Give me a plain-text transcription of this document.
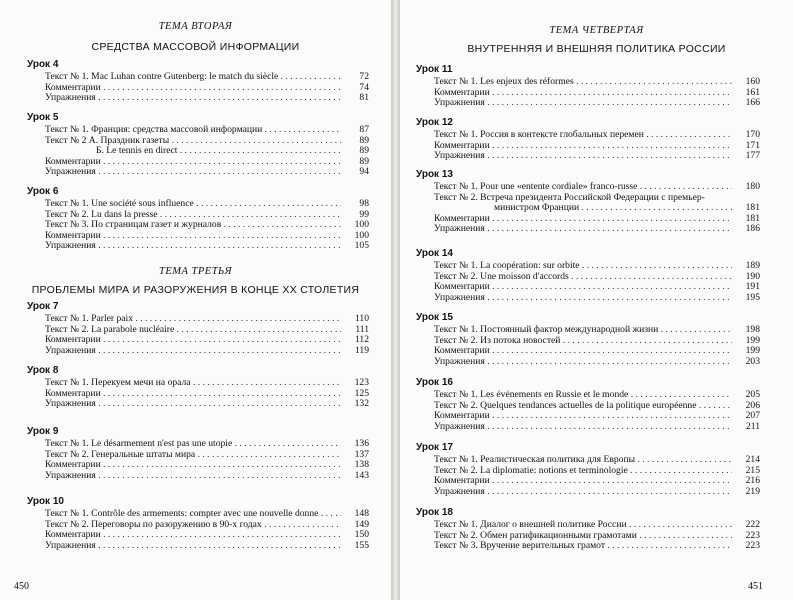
ТЕМА ВТОРАЯ
СРЕДСТВА МАССОВОЙ ИНФОРМАЦИИ
Урок 4
Текст № 1. Mac Luhan contre Gutenberg: le match du siècle . . .	72
Комментарии . . .	74
Упражнения . . .	81
Урок 5
Текст № 1. Франция: средства массовой информации . . .	87
Текст № 2 А. Праздник газеты . . .	89
Б. Le tennis en direct . . .	89
Комментарии . . .	89
Упражнения . . .	94
Урок 6
Текст № 1. Une société sous influence . . .	98
Текст № 2. Lu dans la presse . . .	99
Текст № 3. По страницам газет и журналов . . .	100
Комментарии . . .	100
Упражнения . . .	105
ТЕМА ТРЕТЬЯ
ПРОБЛЕМЫ МИРА И РАЗОРУЖЕНИЯ В КОНЦЕ XX СТОЛЕТИЯ
Урок 7
Текст № 1. Parler paix . . .	110
Текст № 2. La parabole nucléaire . . .	111
Комментарии . . .	112
Упражнения . . .	119
Урок 8
Текст № 1. Перекуем мечи на орала . . .	123
Комментарии . . .	125
Упражнения . . .	132
Урок 9
Текст № 1. Le désarmement n'est pas une utopie . . .	136
Текст № 2. Генеральные штаты мира . . .	137
Комментарии . . .	138
Упражнения . . .	143
Урок 10
Текст № 1. Contrôle des armements: compter avec une nouvelle donne . . .	148
Текст № 2. Переговоры по разоружению в 90-х годах . . .	149
Комментарии . . .	150
Упражнения . . .	155
450
ТЕМА ЧЕТВЕРТАЯ
ВНУТРЕННЯЯ И ВНЕШНЯЯ ПОЛИТИКА РОССИИ
Урок 11
Текст № 1. Les enjeux des réformes . . .	160
Комментарии . . .	161
Упражнения . . .	166
Урок 12
Текст № 1. Россия в контексте глобальных перемен . . .	170
Комментарии . . .	171
Упражнения . . .	177
Урок 13
Текст № 1. Pour une «entente cordiale» franco-russe . . .	180
Текст № 2. Встреча президента Российской Федерации с премьер-
министром Франции . . .	181
Комментарии . . .	181
Упражнения . . .	186
Урок 14
Текст № 1. La coopération: sur orbite . . .	189
Текст № 2. Une moisson d'accords . . .	190
Комментарии . . .	191
Упражнения . . .	195
Урок 15
Текст № 1. Постоянный фактор международной жизни . . .	198
Текст № 2. Из потока новостей . . .	199
Комментарии . . .	199
Упражнения . . .	203
Урок 16
Текст № 1. Les événements en Russie et le monde . . .	205
Текст № 2. Quelques tendances actuelles de la politique européenne . . .	206
Комментарии . . .	207
Упражнения . . .	211
Урок 17
Текст № 1. Реалистическая политика для Европы . . .	214
Текст № 2. La diplomatie: notions et terminologie . . .	215
Комментарии . . .	216
Упражнения . . .	219
Урок 18
Текст № 1. Диалог о внешней политике России . . .	222
Текст № 2. Обмен ратификационными грамотами . . .	223
Текст № 3. Вручение верительных грамот . . .	223
451
